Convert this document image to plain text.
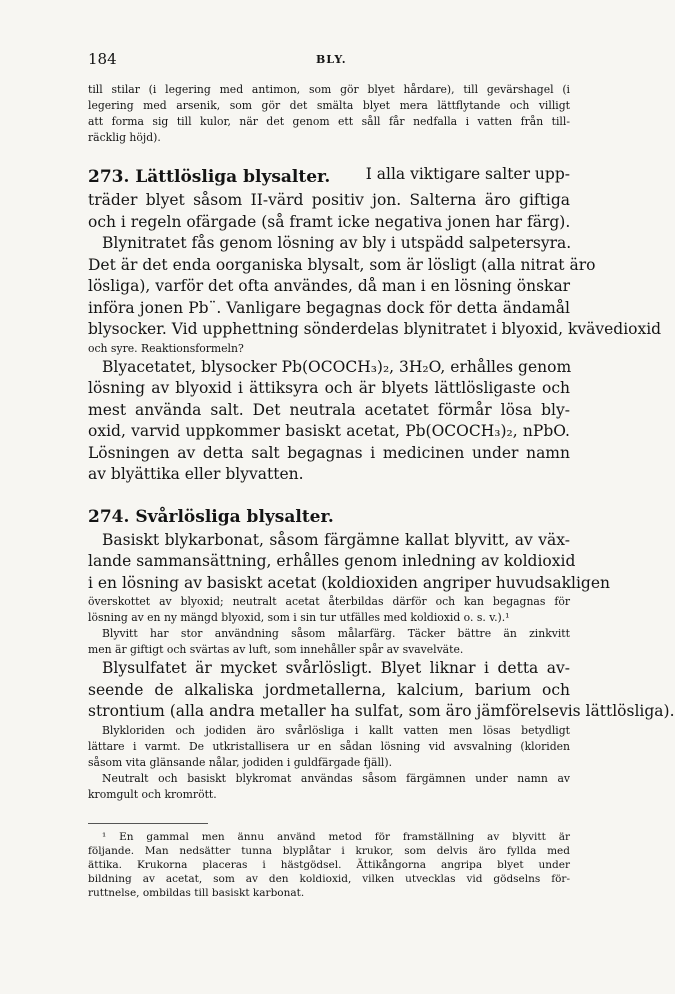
184	BLY.
till stilar (i legering med antimon, som gör blyet hårdare), till gevärshagel (i
legering med arsenik, som gör det smälta blyet mera lättflytande och villigt
att forma sig till kulor, när det genom ett såll får nedfalla i vatten från till-
räcklig höjd).
273. Lättlösliga blysalter. I alla viktigare salter upp-
träder blyet såsom II-värd positiv jon. Salterna äro giftiga
och i regeln ofärgade (så framt icke negativa jonen har färg).
Blynitratet fås genom lösning av bly i utspädd salpetersyra.
Det är det enda oorganiska blysalt, som är lösligt (alla nitrat äro
lösliga), varför det ofta användes, då man i en lösning önskar
införa jonen Pb¨. Vanligare begagnas dock för detta ändamål
blysocker. Vid upphettning sönderdelas blynitratet i blyoxid, kvävedioxid
och syre. Reaktionsformeln?
Blyacetatet, blysocker Pb(OCOCH₃)₂, 3H₂O, erhålles genom
lösning av blyoxid i ättiksyra och är blyets lättlösligaste och
mest använda salt. Det neutrala acetatet förmår lösa bly-
oxid, varvid uppkommer basiskt acetat, Pb(OCOCH₃)₂, nPbO.
Lösningen av detta salt begagnas i medicinen under namn
av blyättika eller blyvatten.
274. Svårlösliga blysalter.
Basiskt blykarbonat, såsom färgämne kallat blyvitt, av väx-
lande sammansättning, erhålles genom inledning av koldioxid
i en lösning av basiskt acetat (koldioxiden angriper huvudsakligen
överskottet av blyoxid; neutralt acetat återbildas därför och kan begagnas för
lösning av en ny mängd blyoxid, som i sin tur utfälles med koldioxid o. s. v.).¹
Blyvitt har stor användning såsom målarfärg. Täcker bättre än zinkvitt
men är giftigt och svärtas av luft, som innehåller spår av svavelväte.
Blysulfatet är mycket svårlösligt. Blyet liknar i detta av-
seende de alkaliska jordmetallerna, kalcium, barium och
strontium (alla andra metaller ha sulfat, som äro jämförelsevis lättlösliga).
Blykloriden och jodiden äro svårlösliga i kallt vatten men lösas betydligt
lättare i varmt. De utkristallisera ur en sådan lösning vid avsvalning (kloriden
såsom vita glänsande nålar, jodiden i guldfärgade fjäll).
Neutralt och basiskt blykromat användas såsom färgämnen under namn av
kromgult och kromrött.
¹ En gammal men ännu använd metod för framställning av blyvitt är
följande. Man nedsätter tunna blyplåtar i krukor, som delvis äro fyllda med
ättika. Krukorna placeras i hästgödsel. Ättikångorna angripa blyet under
bildning av acetat, som av den koldioxid, vilken utvecklas vid gödselns för-
ruttnelse, ombildas till basiskt karbonat.
